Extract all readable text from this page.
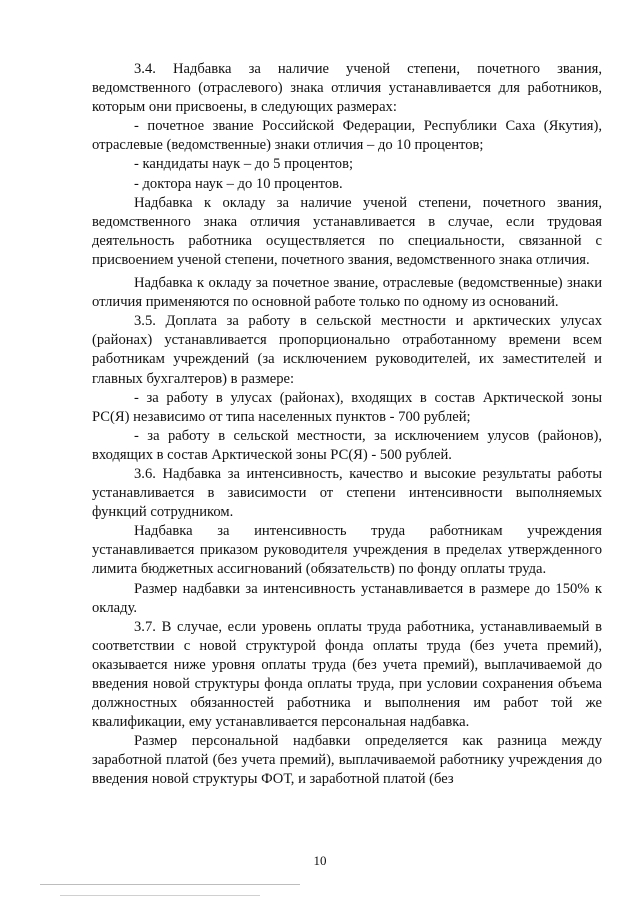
3.4. Надбавка за наличие ученой степени, почетного звания, ведомственного (отраслевого) знака отличия устанавливается для работников, которым они присвоены, в следующих размерах:

- почетное звание Российской Федерации, Республики Саха (Якутия), отраслевые (ведомственные) знаки отличия – до 10 процентов;

- кандидаты наук – до 5 процентов;

- доктора наук – до 10 процентов.

Надбавка к окладу за наличие ученой степени, почетного звания, ведомственного знака отличия устанавливается в случае, если трудовая деятельность работника осуществляется по специальности, связанной с присвоением ученой степени, почетного звания, ведомственного знака отличия.

Надбавка к окладу за почетное звание, отраслевые (ведомственные) знаки отличия применяются по основной работе только по одному из оснований.

3.5. Доплата за работу в сельской местности и арктических улусах (районах) устанавливается пропорционально отработанному времени всем работникам учреждений (за исключением руководителей, их заместителей и главных бухгалтеров) в размере:

- за работу в улусах (районах), входящих в состав Арктической зоны РС(Я) независимо от типа населенных пунктов - 700 рублей;

- за работу в сельской местности, за исключением улусов (районов), входящих в состав Арктической зоны РС(Я) - 500 рублей.

3.6. Надбавка за интенсивность, качество и высокие результаты работы устанавливается в зависимости от степени интенсивности выполняемых функций сотрудником.

Надбавка за интенсивность труда работникам учреждения устанавливается приказом руководителя учреждения в пределах утвержденного лимита бюджетных ассигнований (обязательств) по фонду оплаты труда.

Размер надбавки за интенсивность устанавливается в размере до 150% к окладу.

3.7. В случае, если уровень оплаты труда работника, устанавливаемый в соответствии с новой структурой фонда оплаты труда (без учета премий), оказывается ниже уровня оплаты труда (без учета премий), выплачиваемой до введения новой структуры фонда оплаты труда, при условии сохранения объема должностных обязанностей работника и выполнения им работ той же квалификации, ему устанавливается персональная надбавка.

Размер персональной надбавки определяется как разница между заработной платой (без учета премий), выплачиваемой работнику учреждения до введения новой структуры ФОТ, и заработной платой (без

10
